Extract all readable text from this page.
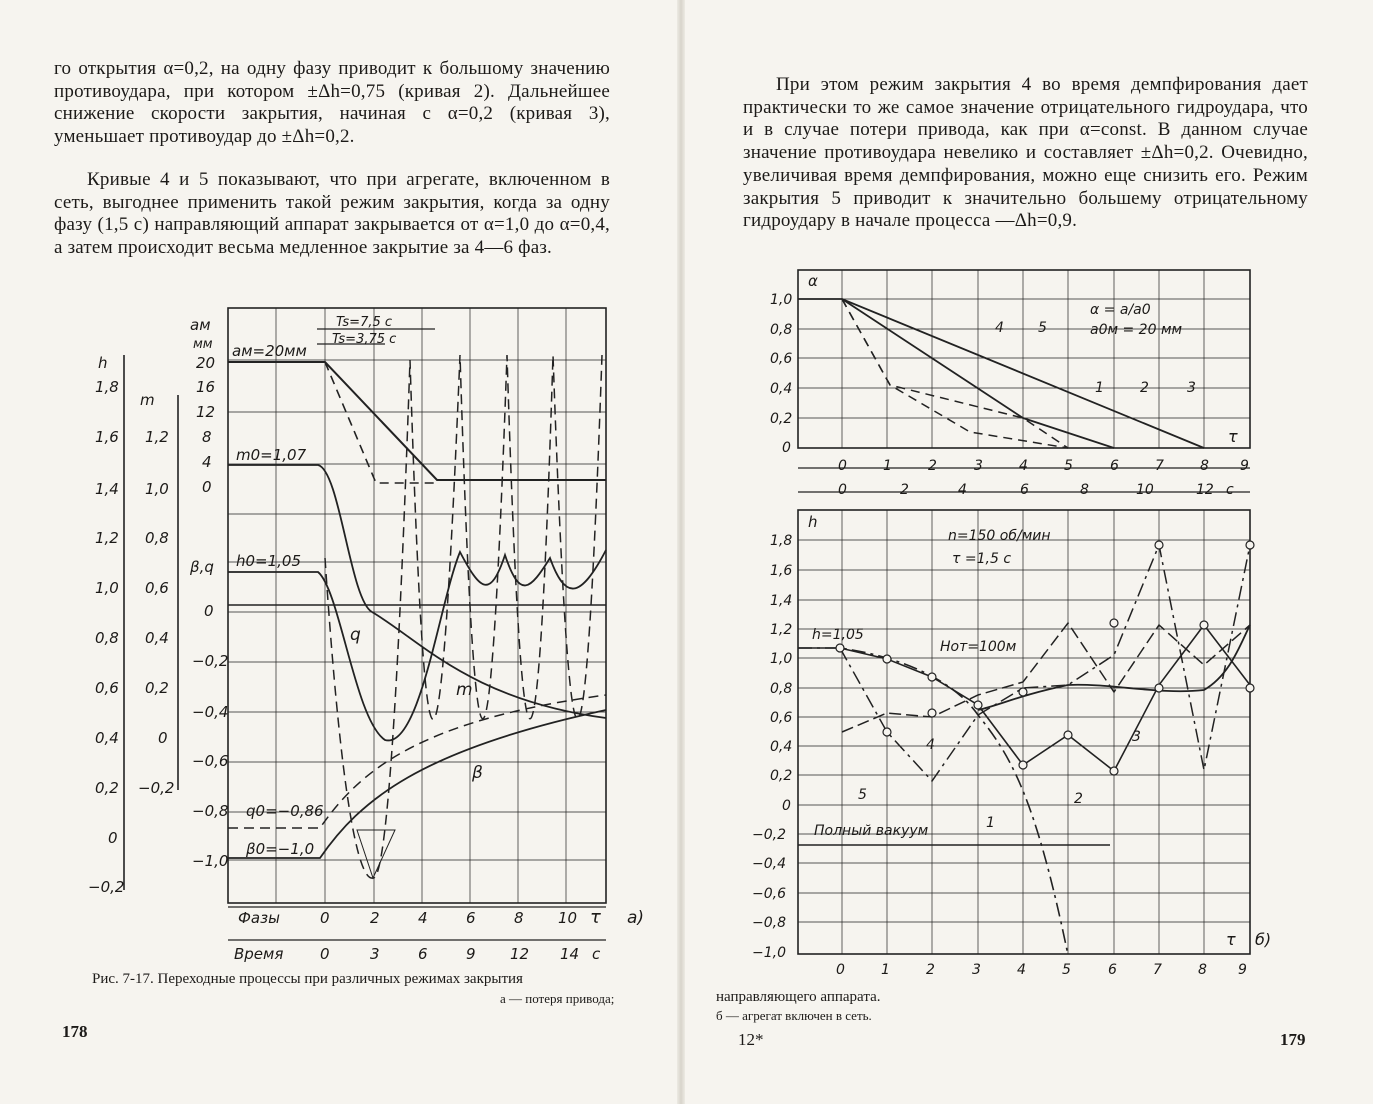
го открытия α=0,2, на одну фазу приводит к большому значению противоудара, при котором ±Δh=0,75 (кривая 2). Дальнейшее снижение скорости закрытия, начиная с α=0,2 (кривая 3), уменьшает противоудар до ±Δh=0,2.

Кривые 4 и 5 показывают, что при агрегате, включенном в сеть, выгоднее применить такой режим закрытия, когда за одну фазу (1,5 с) направляющий аппарат закрывается от α=1,0 до α=0,4, а затем происходит весьма медленное закрытие за 4—6 фаз.

h
m
aм
мм
β,q
1,8
1,6
1,4
1,2
1,0
0,8
0,6
0,4
0,2
0
−0,2
1,2
1,0
0,8
0,6
0,4
0,2
0
−0,2
20
16
12
8
4
0
0
−0,2
−0,4
−0,6
−0,8
−1,0
Ts=7,5 с
Ts=3,75 с
aм=20мм
m0=1,07
h0=1,05
q0=−0,86
β0=−1,0
q
m
β
Фазы
Время
0	2	4	6	8 10 τ а)
0	3	6	9 12 14 с

Рис. 7-17. Переходные процессы при различных режимах закрытия

а — потеря привода;

178

При этом режим закрытия 4 во время демпфирования дает практически то же самое значение отрицательного гидроудара, что и в случае потери привода, как при α=const. В данном случае значение противоудара невелико и составляет ±Δh=0,2. Очевидно, увеличивая время демпфирования, можно еще снизить его. Режим закрытия 5 приводит к значительно большему отрицательному гидроудару в начале процесса —Δh=0,9.

α
1,0
0,8
0,6
0,4
0,2
0
α = a/a0
a0м = 20 мм
4 5
1	2	3
τ
0	1	2	3	4	5	6	7	8 9
0	2	4	6	8	10	12 с
h
1,8
1,6
1,4
1,2
1,0
0,8
0,6
0,4
0,2
0
−0,2
−0,4
−0,6
−0,8
−1,0
n=150 об/мин
τ =1,5 с
h=1,05
Hот=100м
Полный вакуум	1
2
3
4
5
τ б)
0	1	2	3	4	5	6	7	8 9

направляющего аппарата.

б — агрегат включен в сеть.

12*	179
